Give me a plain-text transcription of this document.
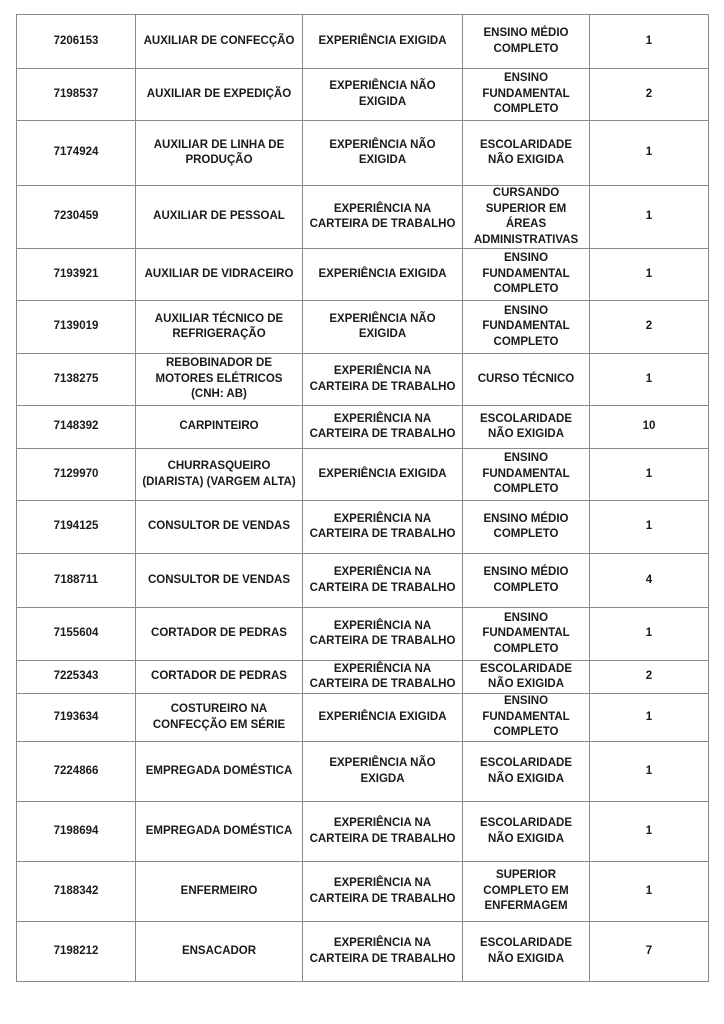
7206153	AUXILIAR DE CONFECÇÃO	EXPERIÊNCIA EXIGIDA	ENSINO MÉDIO COMPLETO	1
7198537	AUXILIAR DE EXPEDIÇÃO	EXPERIÊNCIA NÃO EXIGIDA	ENSINO FUNDAMENTAL COMPLETO	2
7174924	AUXILIAR DE LINHA DE PRODUÇÃO	EXPERIÊNCIA NÃO EXIGIDA	ESCOLARIDADE NÃO EXIGIDA	1
7230459	AUXILIAR DE PESSOAL	EXPERIÊNCIA NA CARTEIRA DE TRABALHO	CURSANDO SUPERIOR EM ÁREAS ADMINISTRATIVAS	1
7193921	AUXILIAR DE VIDRACEIRO	EXPERIÊNCIA EXIGIDA	ENSINO FUNDAMENTAL COMPLETO	1
7139019	AUXILIAR TÉCNICO DE REFRIGERAÇÃO	EXPERIÊNCIA NÃO EXIGIDA	ENSINO FUNDAMENTAL COMPLETO	2
7138275	REBOBINADOR DE MOTORES ELÉTRICOS (CNH: AB)	EXPERIÊNCIA NA CARTEIRA DE TRABALHO	CURSO TÉCNICO	1
7148392	CARPINTEIRO	EXPERIÊNCIA NA CARTEIRA DE TRABALHO	ESCOLARIDADE NÃO EXIGIDA	10
7129970	CHURRASQUEIRO (DIARISTA) (VARGEM ALTA)	EXPERIÊNCIA EXIGIDA	ENSINO FUNDAMENTAL COMPLETO	1
7194125	CONSULTOR DE VENDAS	EXPERIÊNCIA NA CARTEIRA DE TRABALHO	ENSINO MÉDIO COMPLETO	1
7188711	CONSULTOR DE VENDAS	EXPERIÊNCIA NA CARTEIRA DE TRABALHO	ENSINO MÉDIO COMPLETO	4
7155604	CORTADOR DE PEDRAS	EXPERIÊNCIA NA CARTEIRA DE TRABALHO	ENSINO FUNDAMENTAL COMPLETO	1
7225343	CORTADOR DE PEDRAS	EXPERIÊNCIA NA CARTEIRA DE TRABALHO	ESCOLARIDADE NÃO EXIGIDA	2
7193634	COSTUREIRO NA CONFECÇÃO EM SÉRIE	EXPERIÊNCIA EXIGIDA	ENSINO FUNDAMENTAL COMPLETO	1
7224866	EMPREGADA DOMÉSTICA	EXPERIÊNCIA NÃO EXIGDA	ESCOLARIDADE NÃO EXIGIDA	1
7198694	EMPREGADA DOMÉSTICA	EXPERIÊNCIA NA CARTEIRA DE TRABALHO	ESCOLARIDADE NÃO EXIGIDA	1
7188342	ENFERMEIRO	EXPERIÊNCIA NA CARTEIRA DE TRABALHO	SUPERIOR COMPLETO EM ENFERMAGEM	1
7198212	ENSACADOR	EXPERIÊNCIA NA CARTEIRA DE TRABALHO	ESCOLARIDADE NÃO EXIGIDA	7
